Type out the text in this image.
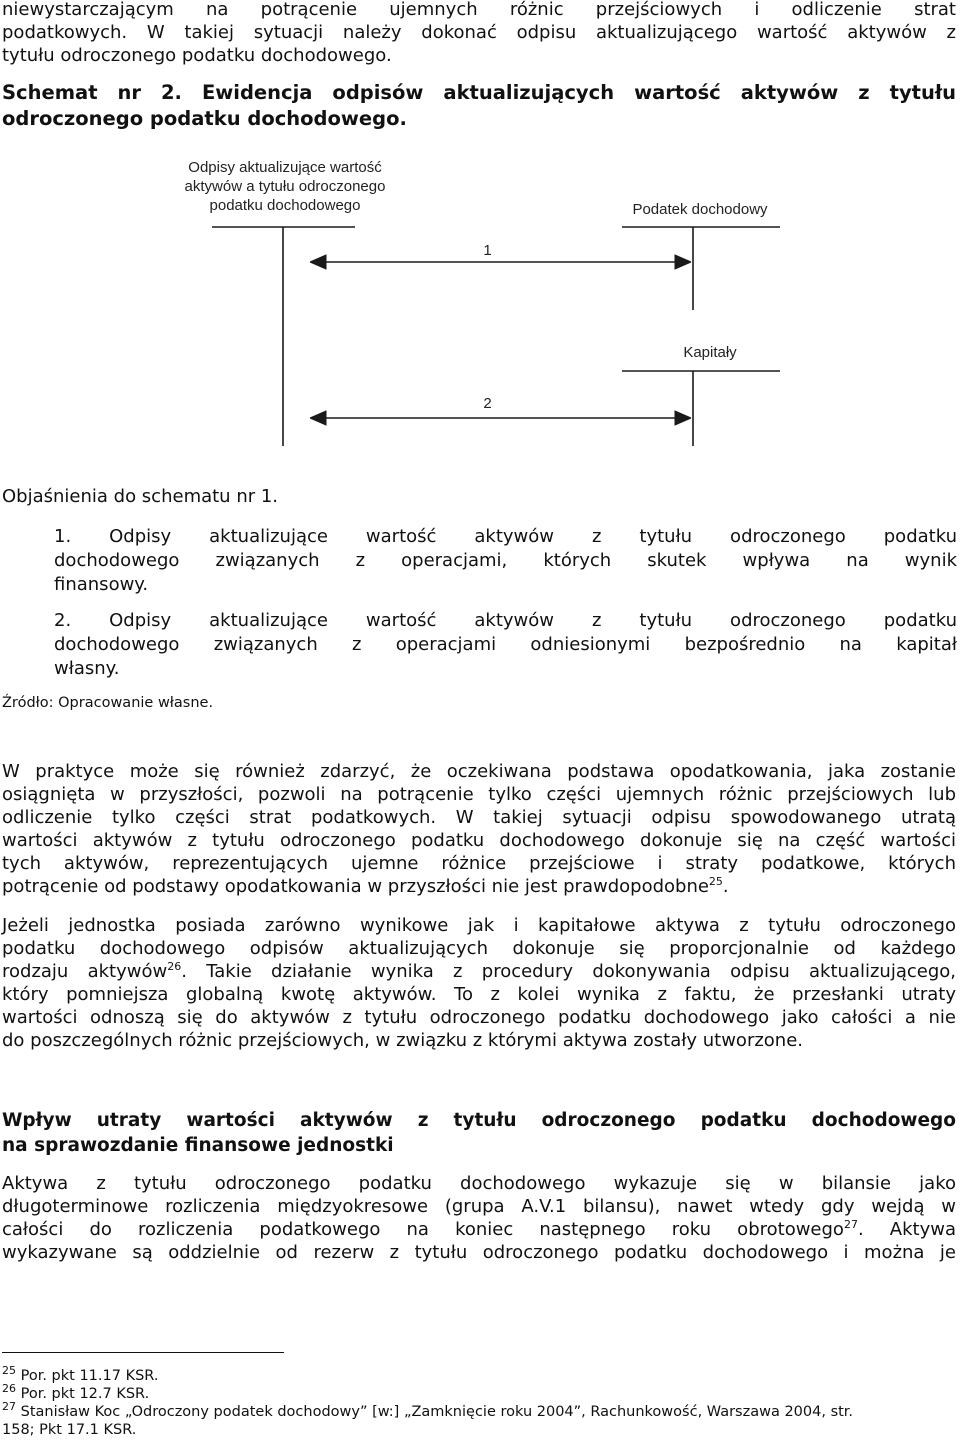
niewystarczającym na potrącenie ujemnych różnic przejściowych i odliczenie strat
podatkowych. W takiej sytuacji należy dokonać odpisu aktualizującego wartość aktywów z
tytułu odroczonego podatku dochodowego.
Schemat nr 2. Ewidencja odpisów aktualizujących wartość aktywów z tytułu
odroczonego podatku dochodowego.
Odpisy aktualizujące wartość
aktywów a tytułu odroczonego
podatku dochodowego	Podatek dochodowy
Kapitały
1
2
Objaśnienia do schematu nr 1.
1. Odpisy aktualizujące wartość aktywów z tytułu odroczonego podatku
dochodowego związanych z operacjami, których skutek wpływa na wynik
finansowy.
2. Odpisy aktualizujące wartość aktywów z tytułu odroczonego podatku
dochodowego związanych z operacjami odniesionymi bezpośrednio na kapitał
własny.
Źródło: Opracowanie własne.
W praktyce może się również zdarzyć, że oczekiwana podstawa opodatkowania, jaka zostanie
osiągnięta w przyszłości, pozwoli na potrącenie tylko części ujemnych różnic przejściowych lub
odliczenie tylko części strat podatkowych. W takiej sytuacji odpisu spowodowanego utratą
wartości aktywów z tytułu odroczonego podatku dochodowego dokonuje się na część wartości
tych aktywów, reprezentujących ujemne różnice przejściowe i straty podatkowe, których
potrącenie od podstawy opodatkowania w przyszłości nie jest prawdopodobne$^{25}$.
Jeżeli jednostka posiada zarówno wynikowe jak i kapitałowe aktywa z tytułu odroczonego
podatku dochodowego odpisów aktualizujących dokonuje się proporcjonalnie od każdego
rodzaju aktywów$^{26}$. Takie działanie wynika z procedury dokonywania odpisu aktualizującego,
który pomniejsza globalną kwotę aktywów. To z kolei wynika z faktu, że przesłanki utraty
wartości odnoszą się do aktywów z tytułu odroczonego podatku dochodowego jako całości a nie
do poszczególnych różnic przejściowych, w związku z którymi aktywa zostały utworzone.
Wpływ utraty wartości aktywów z tytułu odroczonego podatku dochodowego
na sprawozdanie finansowe jednostki
Aktywa z tytułu odroczonego podatku dochodowego wykazuje się w bilansie jako
długoterminowe rozliczenia międzyokresowe (grupa A.V.1 bilansu), nawet wtedy gdy wejdą w
całości do rozliczenia podatkowego na koniec następnego roku obrotowego$^{27}$. Aktywa
wykazywane są oddzielnie od rezerw z tytułu odroczonego podatku dochodowego i można je
$^{25}$ Por. pkt 11.17 KSR.
$^{26}$ Por. pkt 12.7 KSR.
$^{27}$ Stanisław Koc „Odroczony podatek dochodowy” [w:] „Zamknięcie roku 2004”, Rachunkowość, Warszawa 2004, str.
158; Pkt 17.1 KSR.
